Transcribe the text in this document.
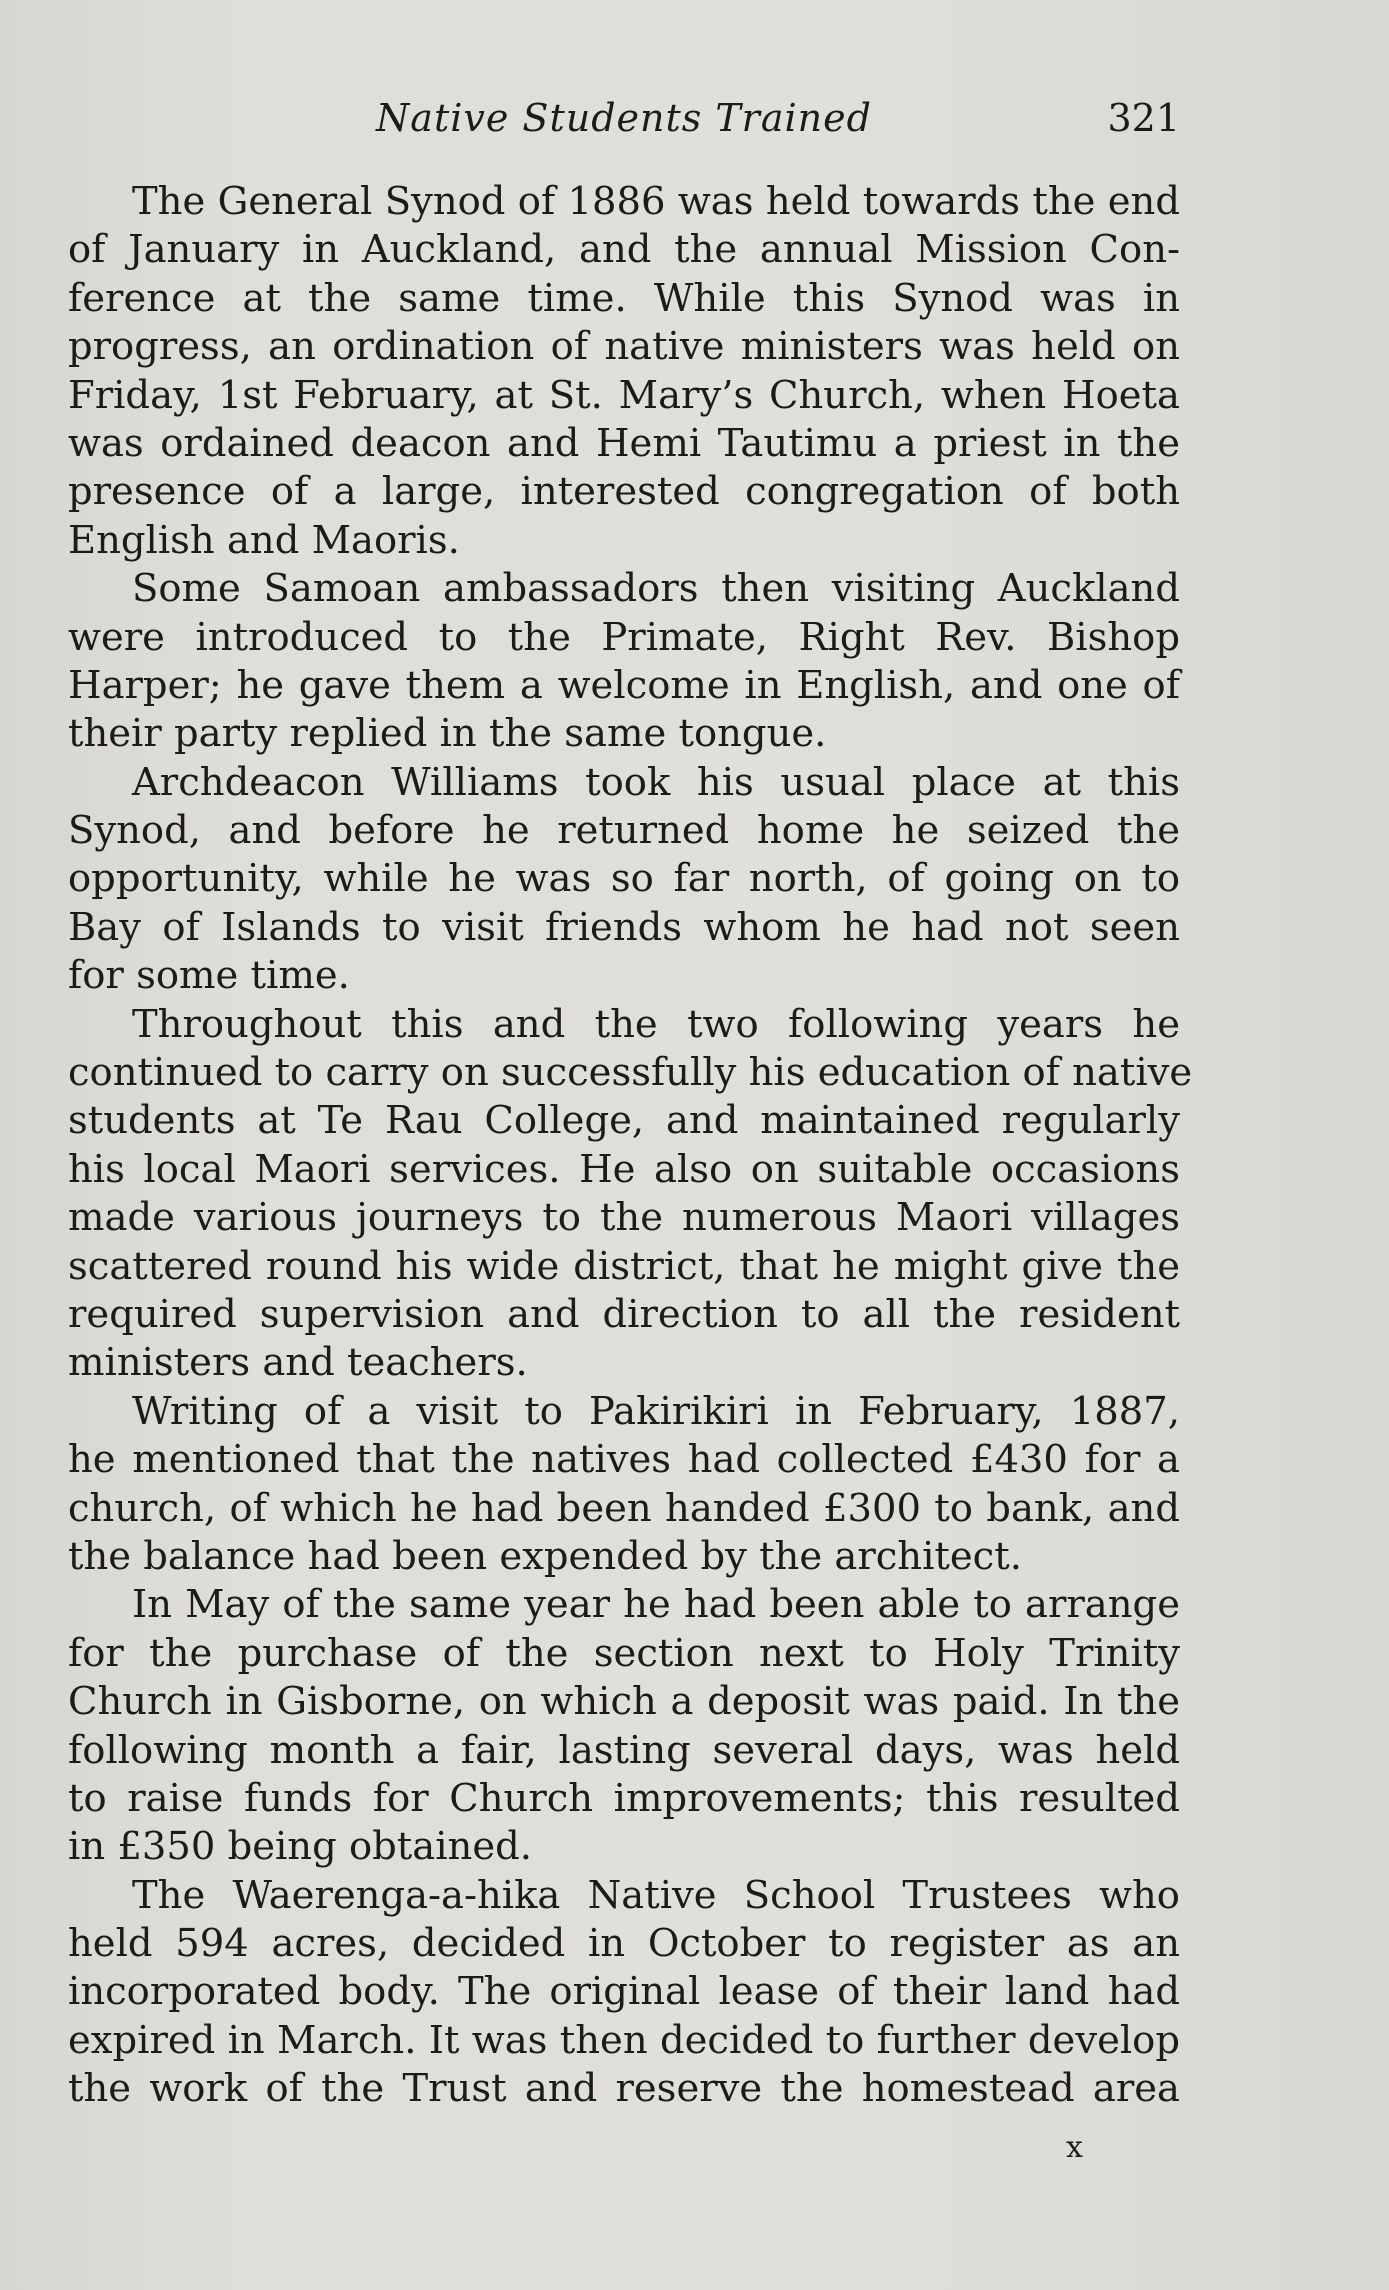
Native Students Trained	321
The General Synod of 1886 was held towards the end
of January in Auckland, and the annual Mission Con-
ference at the same time. While this Synod was in
progress, an ordination of native ministers was held on
Friday, 1st February, at St. Mary’s Church, when Hoeta
was ordained deacon and Hemi Tautimu a priest in the
presence of a large, interested congregation of both
English and Maoris.
Some Samoan ambassadors then visiting Auckland
were introduced to the Primate, Right Rev. Bishop
Harper; he gave them a welcome in English, and one of
their party replied in the same tongue.
Archdeacon Williams took his usual place at this
Synod, and before he returned home he seized the
opportunity, while he was so far north, of going on to
Bay of Islands to visit friends whom he had not seen
for some time.
Throughout this and the two following years he
continued to carry on successfully his education of native
students at Te Rau College, and maintained regularly
his local Maori services. He also on suitable occasions
made various journeys to the numerous Maori villages
scattered round his wide district, that he might give the
required supervision and direction to all the resident
ministers and teachers.
Writing of a visit to Pakirikiri in February, 1887,
he mentioned that the natives had collected £430 for a
church, of which he had been handed £300 to bank, and
the balance had been expended by the architect.
In May of the same year he had been able to arrange
for the purchase of the section next to Holy Trinity
Church in Gisborne, on which a deposit was paid. In the
following month a fair, lasting several days, was held
to raise funds for Church improvements; this resulted
in £350 being obtained.
The Waerenga-a-hika Native School Trustees who
held 594 acres, decided in October to register as an
incorporated body. The original lease of their land had
expired in March. It was then decided to further develop
the work of the Trust and reserve the homestead area
x
